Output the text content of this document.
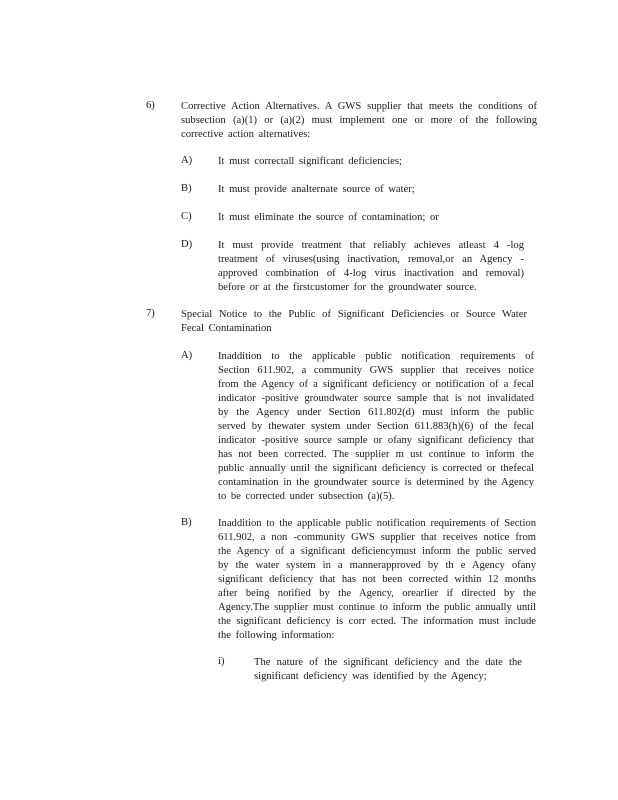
6)	Corrective Action Alternatives. A GWS supplier that meets the conditions of subsection (a)(1) or (a)(2) must implement one or more of the following corrective action alternatives:

A)	It must correctall significant deficiencies;

B)	It must provide analternate source of water;

C)	It must eliminate the source of contamination; or

D)	It must provide treatment that reliably achieves atleast 4 -log treatment of viruses(using inactivation, removal,or an Agency - approved combination of 4-log virus inactivation and removal) before or at the firstcustomer for the groundwater source.

7)	Special Notice to the Public of Significant Deficiencies or Source Water Fecal Contamination

A)	Inaddition to the applicable public notification requirements of Section 611.902, a community GWS supplier that receives notice from the Agency of a significant deficiency or notification of a fecal indicator -positive groundwater source sample that is not invalidated by the Agency under Section 611.802(d) must inform the public served by thewater system under Section 611.883(h)(6) of the fecal indicator -positive source sample or ofany significant deficiency that has not been corrected. The supplier m ust continue to inform the public annually until the significant deficiency is corrected or thefecal contamination in the groundwater source is determined by the Agency to be corrected under subsection (a)(5).

B)	Inaddition to the applicable public notification requirements of Section 611.902, a non -community GWS supplier that receives notice from the Agency of a significant deficiencymust inform the public served by the water system in a mannerapproved by th e Agency ofany significant deficiency that has not been corrected within 12 months after being notified by the Agency, orearlier if directed by the Agency.The supplier must continue to inform the public annually until the significant deficiency is corr ected. The information must include the following information:

i)	The nature of the significant deficiency and the date the significant deficiency was identified by the Agency;
